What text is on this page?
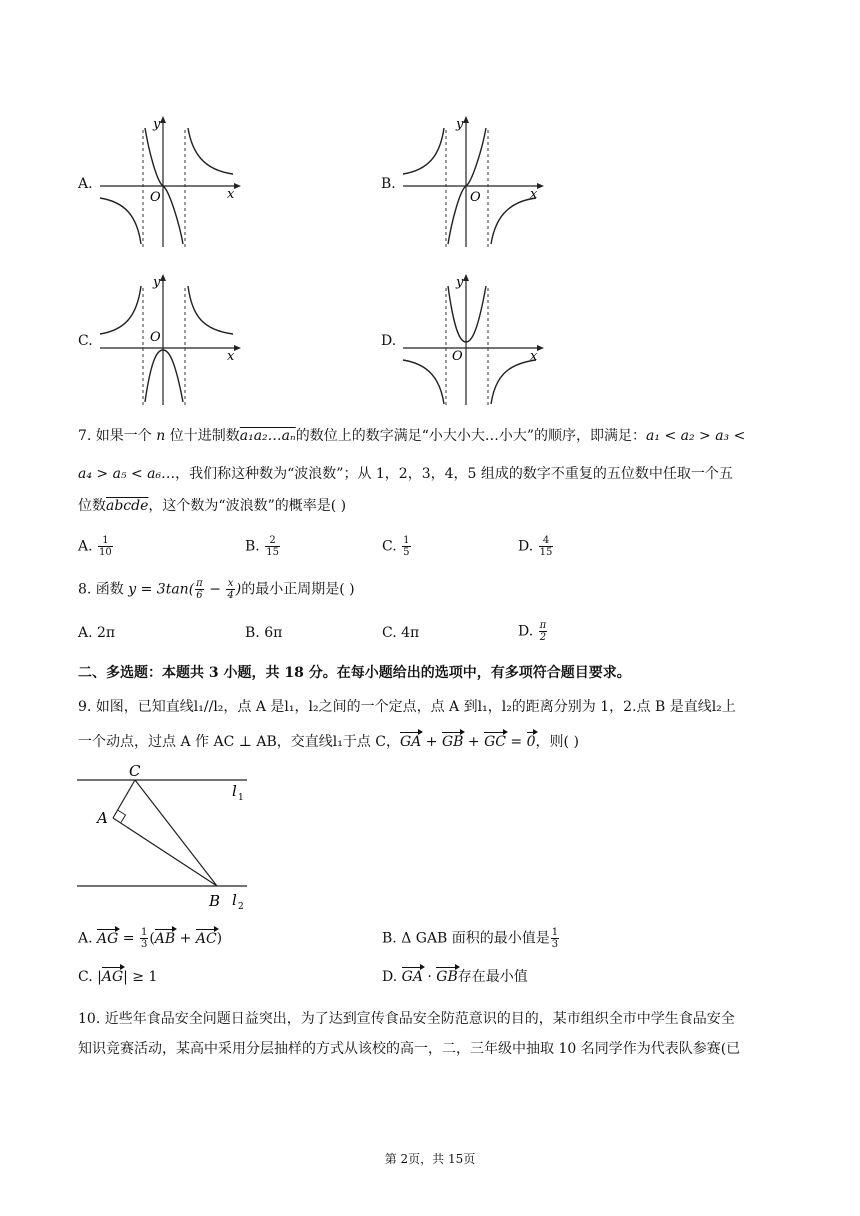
A.	B.
C.	D.
y
x
O
y
x
O
y
x
O
y
x
O
7. 如果一个 n 位十进制数a₁a₂…aₙ的数位上的数字满足“小大小大…小大”的顺序，即满足：a₁ < a₂ > a₃ <
a₄ > a₅ < a₆…，我们称这种数为“波浪数”；从 1，2，3，4，5 组成的数字不重复的五位数中任取一个五
位数abcde，这个数为“波浪数”的概率是( )
A. $\frac{1}{10}$	B. $\frac{2}{15}$	C. $\frac{1}{5}$	D. $\frac{4}{15}$
8. 函数 $y = 3\tan( \frac{\pi}{6} - \frac{x}{4}$ )的最小正周期是( )
A. 2π	B. 6π	C. 4π	D. $\frac{\pi}{2}$
二、多选题：本题共 3 小题，共 18 分。在每小题给出的选项中，有多项符合题目要求。
9. 如图，已知直线l₁//l₂，点 A 是l₁，l₂之间的一个定点，点 A 到l₁，l₂的距离分别为 1，2.点 B 是直线l₂上
一个动点，过点 A 作 AC ⊥ AB，交直线l₁于点 C，GA + GB + GC = 0，则( )
C
A
B
l 1
l 2
A. AG = $\frac{1}{3} (AB + AC)$	B. Δ GAB 面积的最小值是 $\frac{1}{3}$
C. |AG| ≥ 1	D. GA · GB存在最小值
10. 近些年食品安全问题日益突出，为了达到宣传食品安全防范意识的目的，某市组织全市中学生食品安全
知识竞赛活动，某高中采用分层抽样的方式从该校的高一，二，三年级中抽取 10 名同学作为代表队参赛(已
第 2页，共 15页
